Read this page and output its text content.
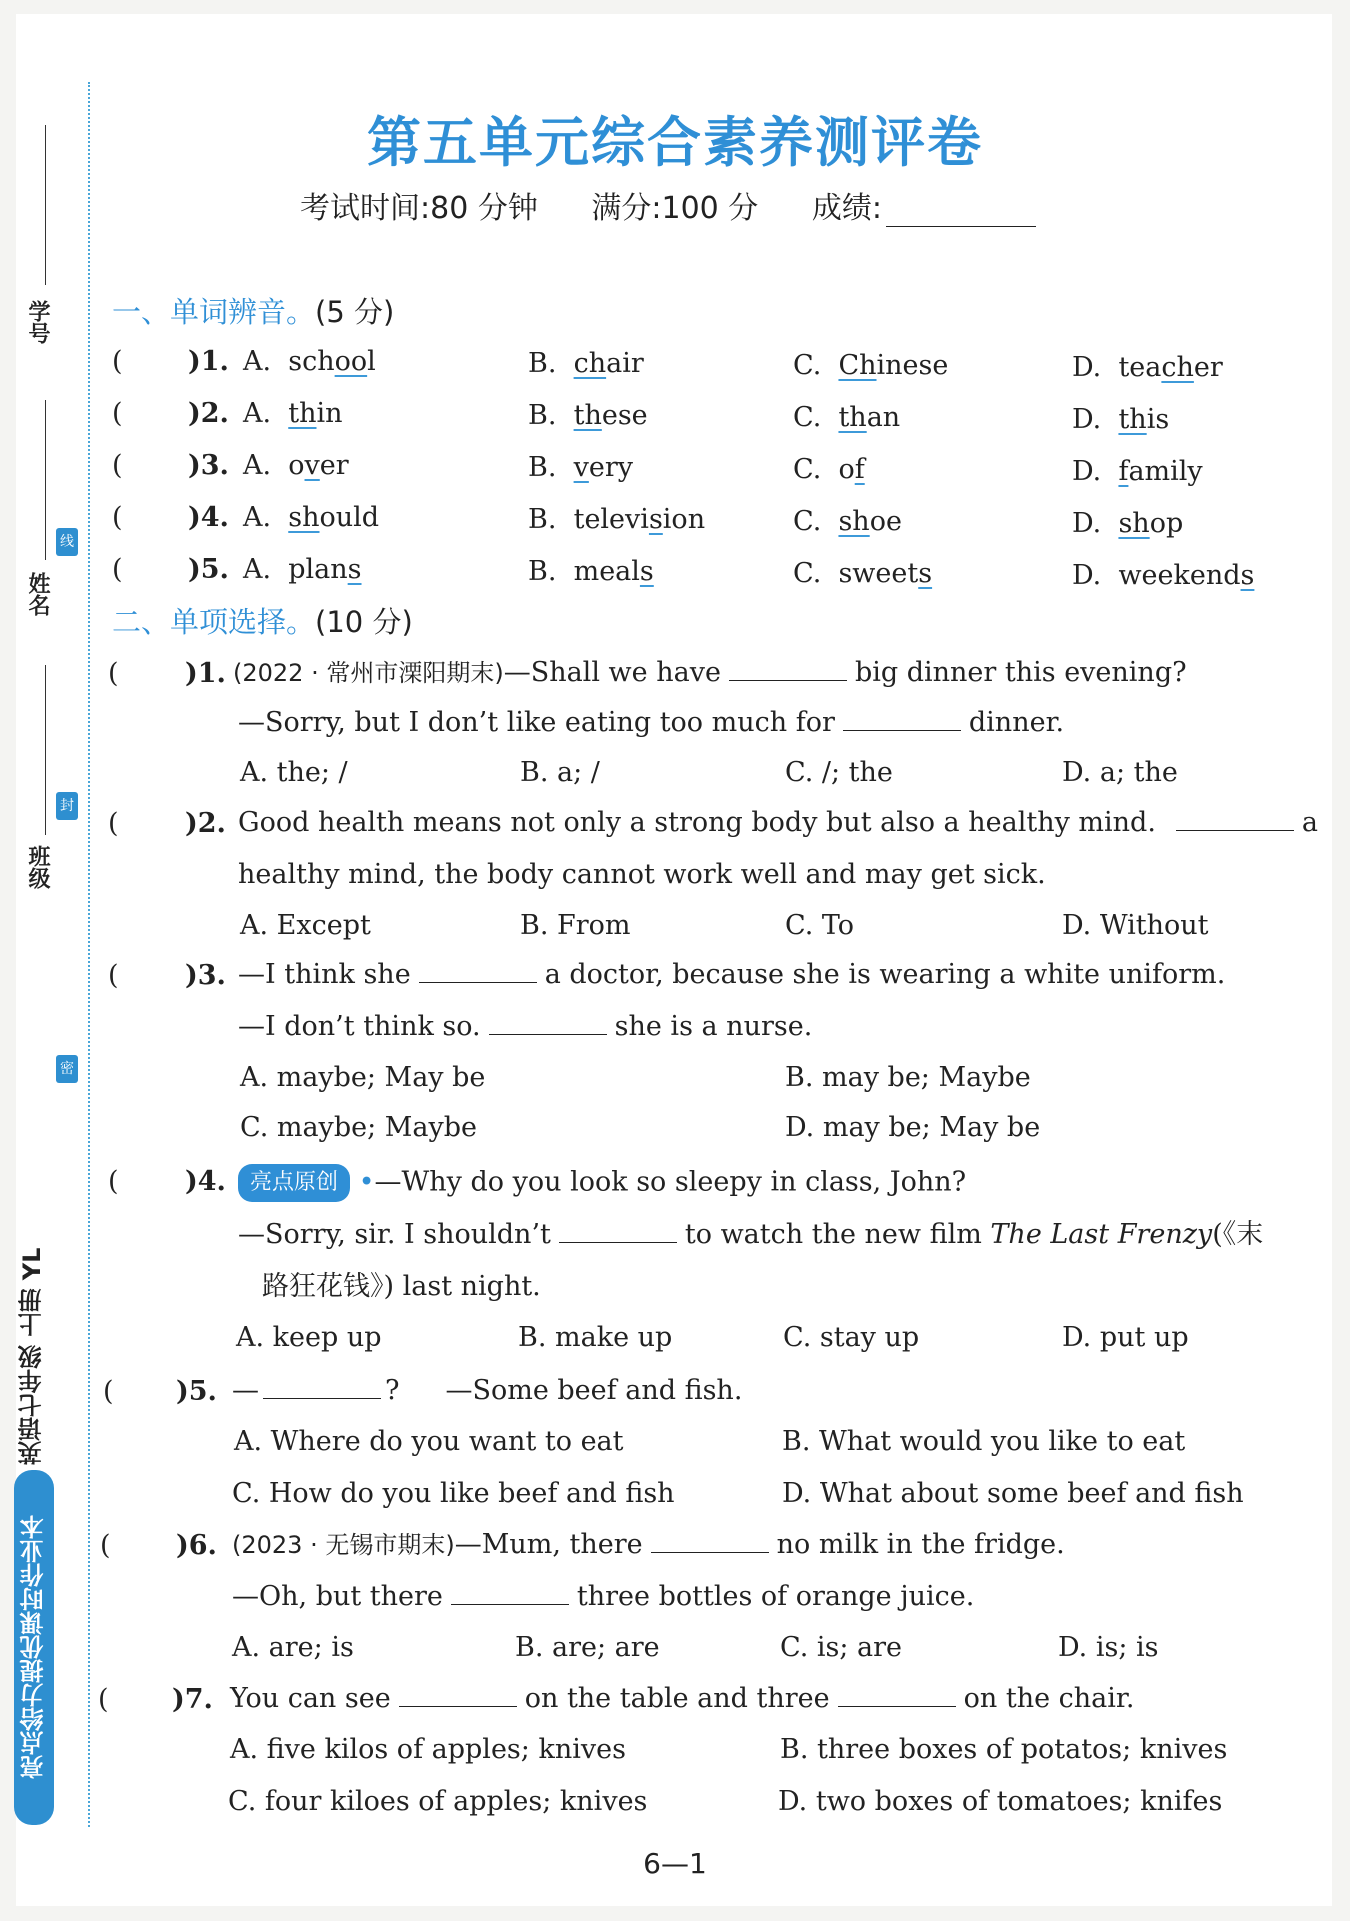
学号
姓名
班级
线
封
密
英语七年级 上册 YL
亮点给力提优课时作业本
第五单元综合素养测评卷
考试时间:80 分钟 满分:100 分 成绩:
一、单词辨音。(5 分)
( )1. A.  school	B.  chair	C.  Chinese	D.  teacher
( )2. A.  thin	B.  these	C.  than	D.  this
( )3. A.  over	B.  very	C.  of	D.  family
( )4. A.  should	B.  television	C.  shoe	D.  shop
( )5. A.  plans	B.  meals	C.  sweets	D.  weekends
二、单项选择。(10 分)
( )1. (2022 · 常州市溧阳期末)—Shall we have	big dinner this evening?
—Sorry, but I don’t like eating too much for	dinner.
A. the; /	B. a; /	C. /; the	D. a; the
( )2. Good health means not only a strong body but also a healthy mind.	a
healthy mind, the body cannot work well and may get sick.
A. Except	B. From	C. To	D. Without
( )3. —I think she	a doctor, because she is wearing a white uniform.
—I don’t think so.	she is a nurse.
A. maybe; May be	B. may be; Maybe
C. maybe; Maybe	D. may be; May be
( )4.	亮点原创 •—Why do you look so sleepy in class, John?
—Sorry, sir. I shouldn’t	to watch the new film The Last Frenzy(《末
路狂花钱》) last night.
A. keep up	B. make up	C. stay up	D. put up
( )5. —	? —Some beef and fish.
A. Where do you want to eat	B. What would you like to eat
C. How do you like beef and fish	D. What about some beef and fish
( )6. (2023 · 无锡市期末)—Mum, there	no milk in the fridge.
—Oh, but there	three bottles of orange juice.
A. are; is	B. are; are	C. is; are	D. is; is
( )7. You can see	on the table and three	on the chair.
A. five kilos of apples; knives	B. three boxes of potatos; knives
C. four kiloes of apples; knives	D. two boxes of tomatoes; knifes
6—1
